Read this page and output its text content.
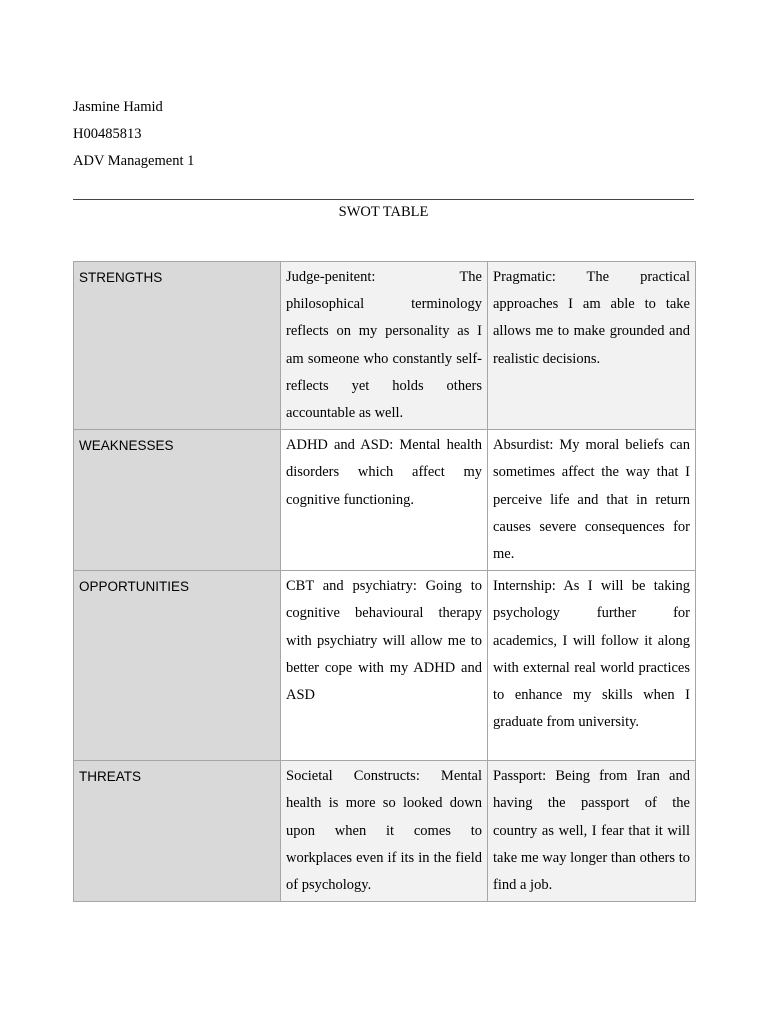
Jasmine Hamid
H00485813
ADV Management 1
SWOT TABLE
STRENGTHS	Judge-penitent: The philosophical terminology reflects on my personality as I am someone who constantly self-reflects yet holds others accountable as well.	Pragmatic: The practical approaches I am able to take allows me to make grounded and realistic decisions.
WEAKNESSES	ADHD and ASD: Mental health disorders which affect my cognitive functioning.	Absurdist: My moral beliefs can sometimes affect the way that I perceive life and that in return causes severe consequences for me.
OPPORTUNITIES	CBT and psychiatry: Going to cognitive behavioural therapy with psychiatry will allow me to better cope with my ADHD and ASD	Internship: As I will be taking psychology further for academics, I will follow it along with external real world practices to enhance my skills when I graduate from university.
THREATS	Societal Constructs: Mental health is more so looked down upon when it comes to workplaces even if its in the field of psychology.	Passport: Being from Iran and having the passport of the country as well, I fear that it will take me way longer than others to find a job.
